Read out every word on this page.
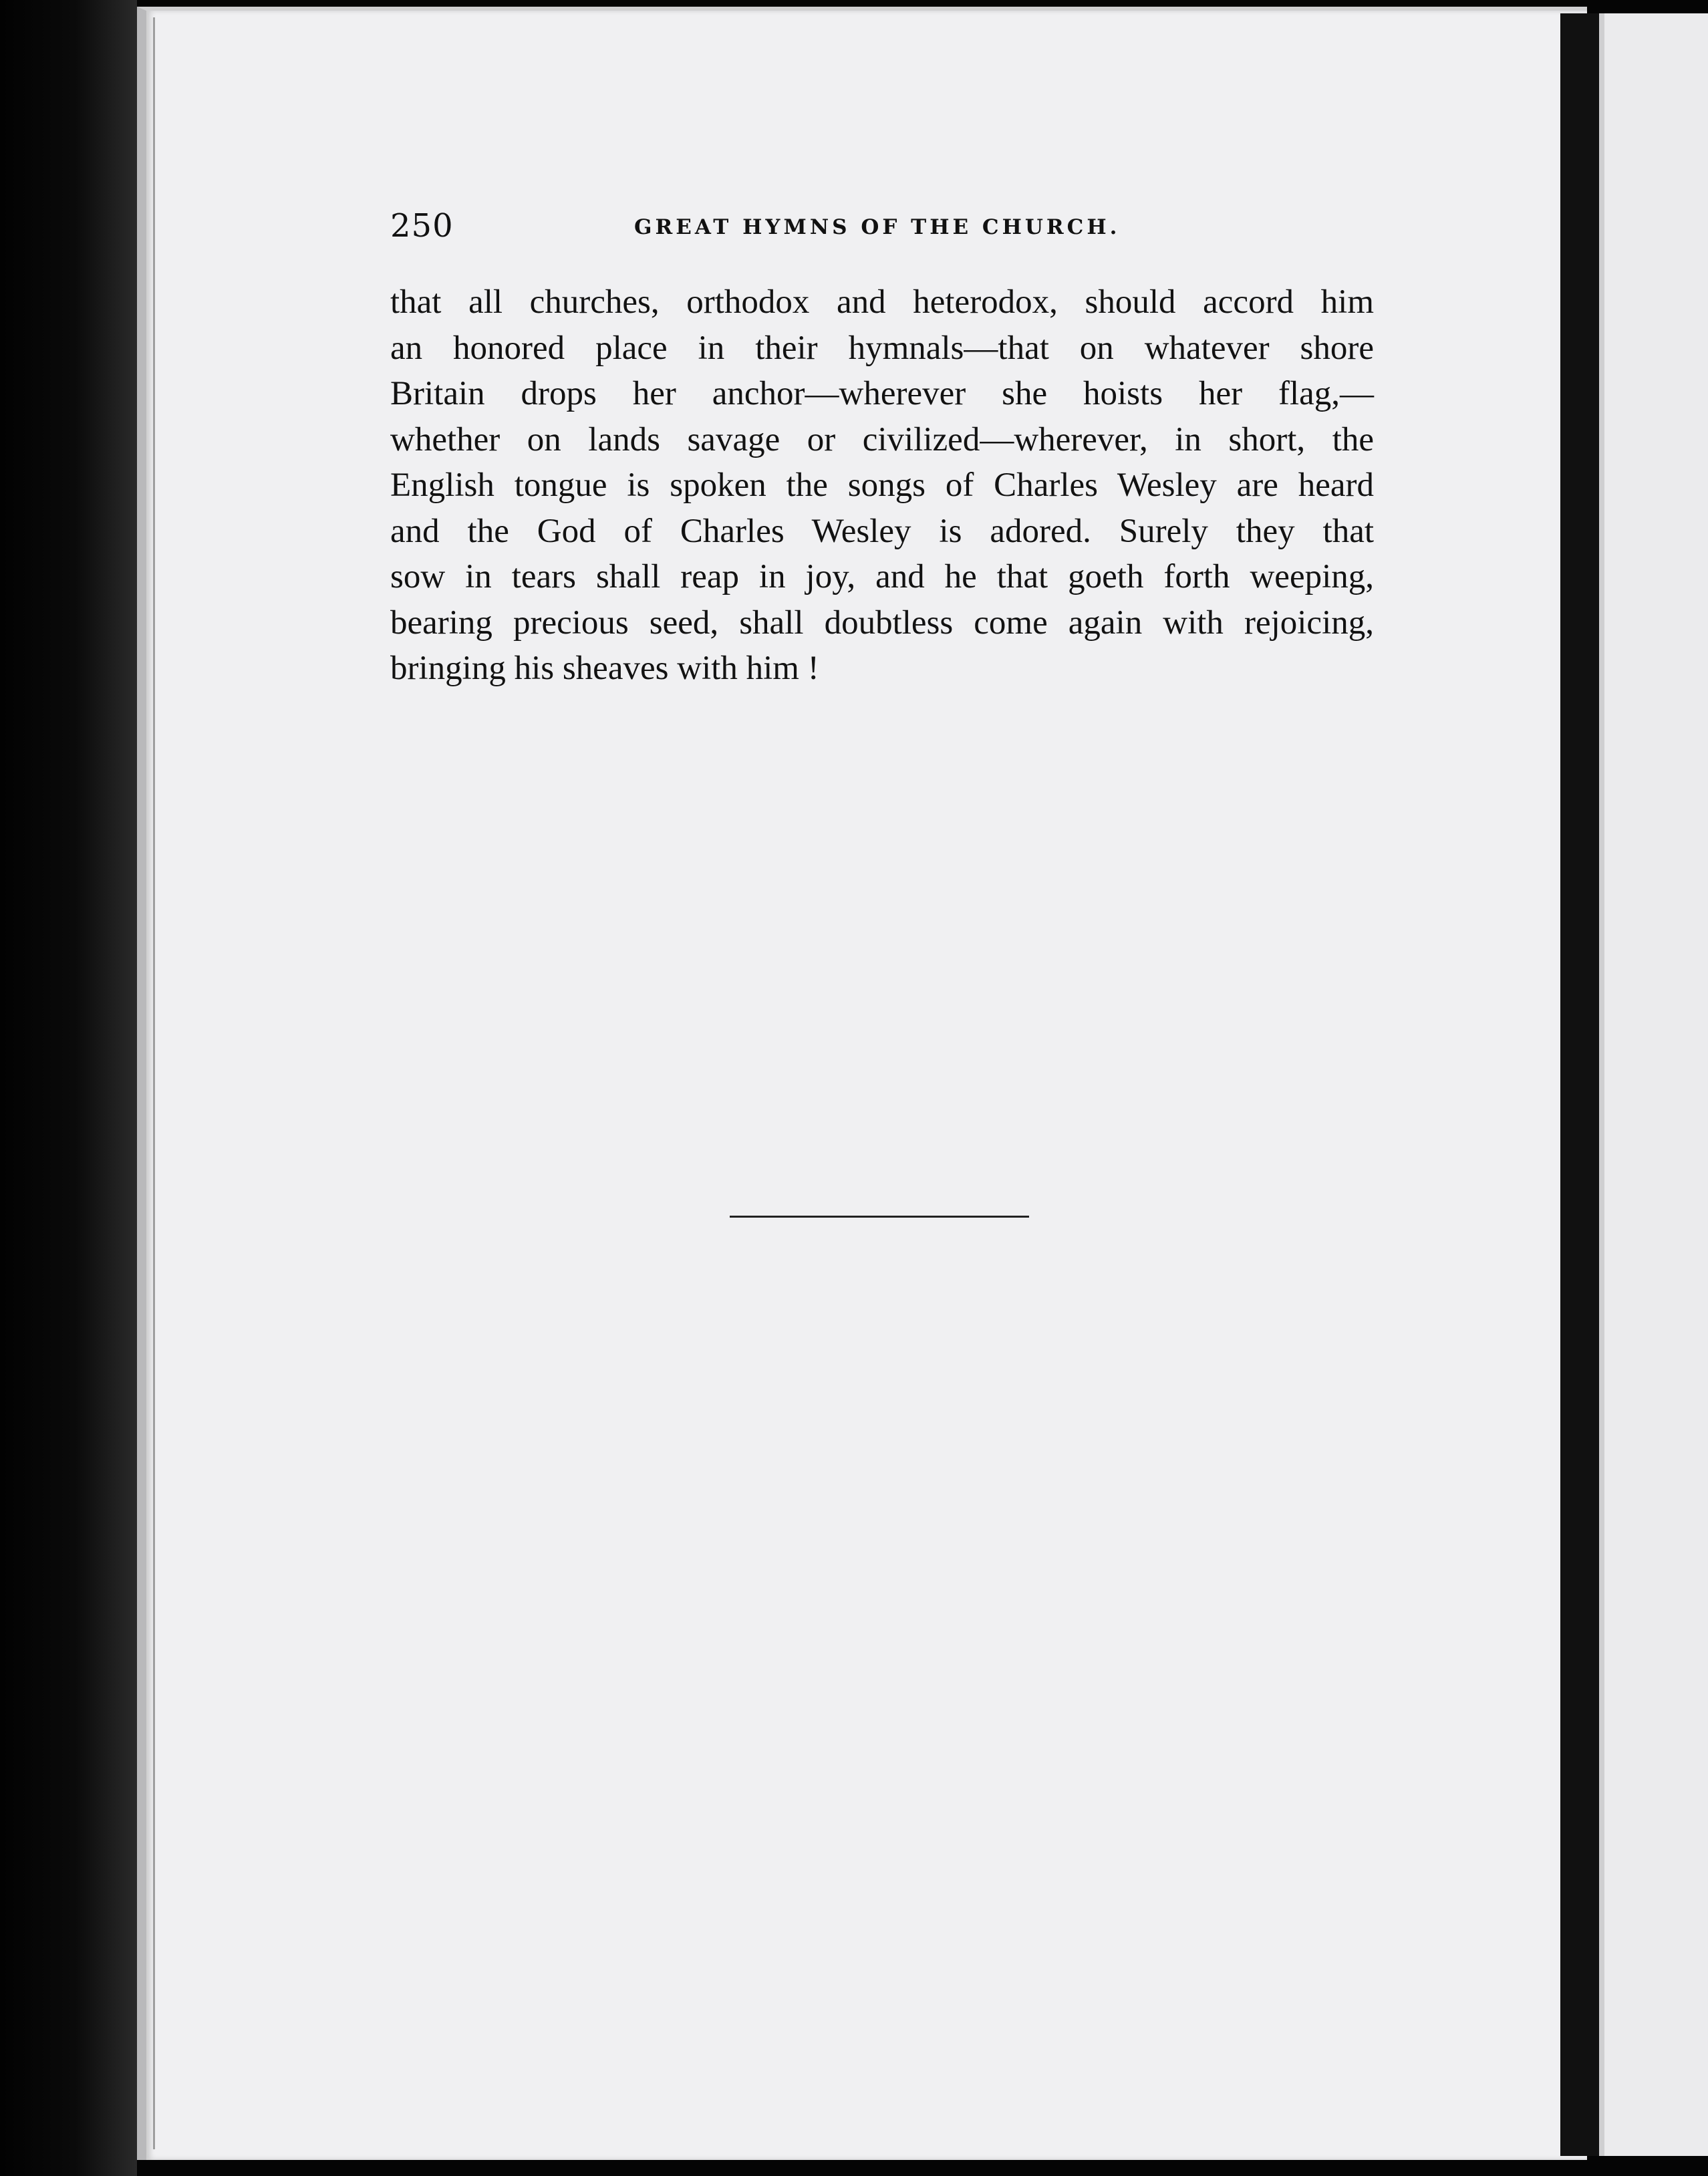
250	GREAT HYMNS OF THE CHURCH.
that all churches, orthodox and heterodox, should accord him
an honored place in their hymnals—that on whatever shore
Britain drops her anchor—wherever she hoists her flag,—
whether on lands savage or civilized—wherever, in short, the
English tongue is spoken the songs of Charles Wesley are heard
and the God of Charles Wesley is adored. Surely they that
sow in tears shall reap in joy, and he that goeth forth weeping,
bearing precious seed, shall doubtless come again with rejoicing,
bringing his sheaves with him !
